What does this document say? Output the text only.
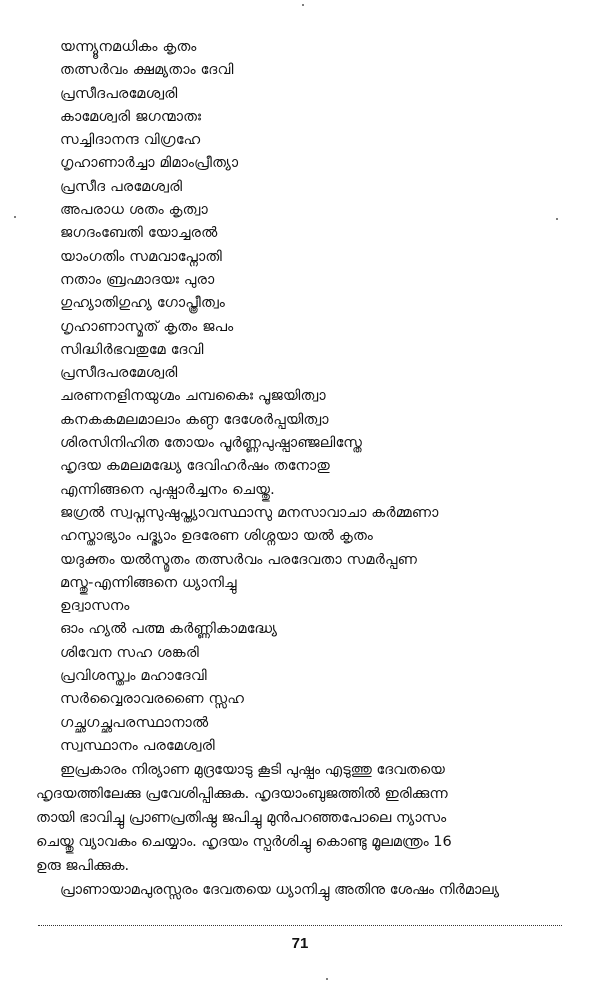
യന്ന്യൂനമധികം കൃതം
തത്സർവം ക്ഷമ്യതാം ദേവി
പ്രസീദപരമേശ്വരി
കാമേശ്വരി ജഗന്മാതഃ
സച്ചിദാനന്ദ വിഗ്രഹേ
ഗൃഹാണാർച്ചാ മിമാംപ്രീത്യാ
പ്രസീദ പരമേശ്വരി
അപരാധ ശതം കൃത്വാ
ജഗദംബേതി യോച്ചരൽ
യാംഗതിം സമവാപ്നോതി
നതാം ബ്രഹ്മാദയഃ പുരാ
ഗുഹ്യാതിഗുഹ്യ ഗോപ്ത്രീത്വം
ഗൃഹാണാസ്മത് കൃതം ജപം
സിദ്ധിർഭവതുമേ ദേവി
പ്രസീദപരമേശ്വരി
ചരണനളിനയുഗ്മം ചമ്പകൈഃ പൂജയിത്വാ
കനകകമലമാലാം കണ്ഠ ദേശേർപ്പയിത്വാ
ശിരസിനിഹിത തോയം പൂർണ്ണപുഷ്പാഞ്ജലിസ്തേ
ഹൃദയ കമലമദ്ധ്യേ ദേവിഹർഷം തനോതു
എന്നിങ്ങനെ പുഷ്പാർച്ചനം ചെയ്തു.
ജഗ്രൽ സ്വപ്നസുഷുപ്ത്യാവസ്ഥാസു മനസാവാചാ കർമ്മണാ
ഹസ്താഭ്യാം പദ്ഭ്യാം ഉദരേണ ശിശ്നയാ യൽ കൃതം
യദുക്തം യൽസ്മൃതം തത്സർവം പരദേവതാ സമർപ്പണ
മസ്തു-എന്നിങ്ങനെ ധ്യാനിച്ചു
ഉദ്വാസനം
ഓം ഹ്യൽ പത്മ കർണ്ണികാമദ്ധ്യേ
ശിവേന സഹ ശങ്കരി
പ്രവിശസ്ത്വം മഹാദേവി
സർവ്വൈരാവരണൈ സ്സഹ
ഗച്ഛഗച്ഛപരസ്ഥാനാൽ
സ്വസ്ഥാനം പരമേശ്വരി
ഇപ്രകാരം നിര്യാണ മുദ്രയോടു കൂടി പുഷ്പം എടുത്തു ദേവതയെ
ഹൃദയത്തിലേക്കു പ്രവേശിപ്പിക്കുക. ഹൃദയാംബുജത്തിൽ ഇരിക്കുന്ന
തായി ഭാവിച്ചു പ്രാണപ്രതിഷ്ഠ ജപിച്ചു മുൻപറഞ്ഞപോലെ ന്യാസം
ചെയ്തു വ്യാവകം ചെയ്യാം. ഹൃദയം സ്പർശിച്ചു കൊണ്ടു മൂലമന്ത്രം 16
ഉരു ജപിക്കുക.
പ്രാണായാമപുരസ്സരം ദേവതയെ ധ്യാനിച്ചു അതിനു ശേഷം നിർമാല്യ
71
